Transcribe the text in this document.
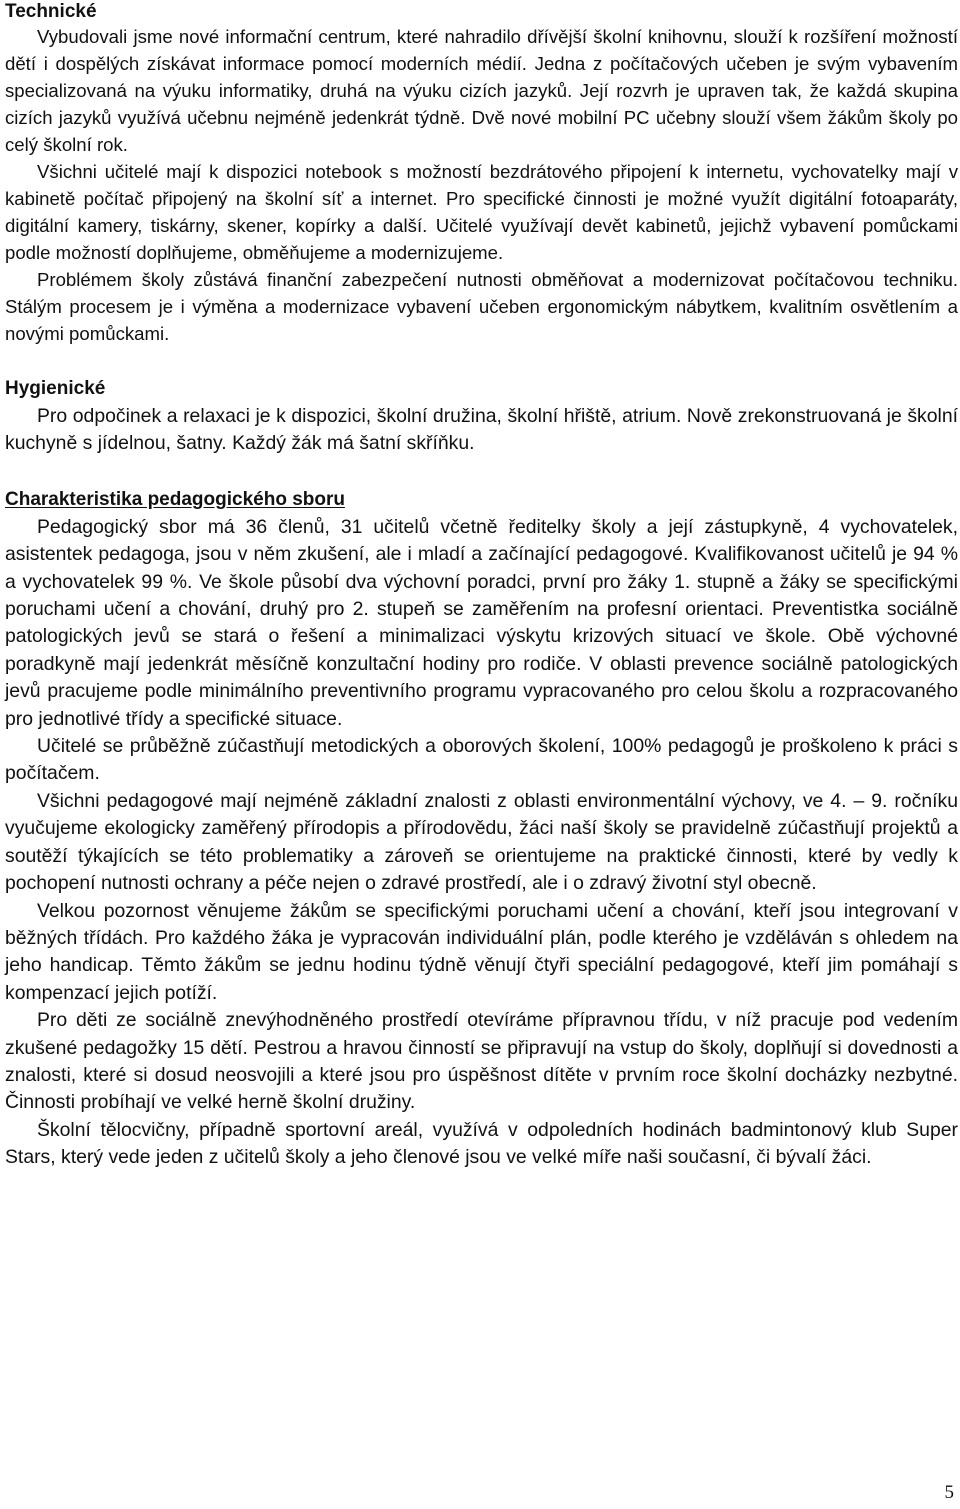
Technické

Vybudovali jsme nové informační centrum, které nahradilo dřívější školní knihovnu, slouží k rozšíření možností dětí i dospělých získávat informace pomocí moderních médií. Jedna z počítačových učeben je svým vybavením specializovaná na výuku informatiky, druhá na výuku cizích jazyků. Její rozvrh je upraven tak, že každá skupina cizích jazyků využívá učebnu nejméně jedenkrát týdně. Dvě nové mobilní PC učebny slouží všem žákům školy po celý školní rok.

Všichni učitelé mají k dispozici notebook s možností bezdrátového připojení k internetu, vychovatelky mají v kabinetě počítač připojený na školní síť a internet. Pro specifické činnosti je možné využít digitální fotoaparáty, digitální kamery, tiskárny, skener, kopírky a další. Učitelé využívají devět kabinetů, jejichž vybavení pomůckami podle možností doplňujeme, obměňujeme a modernizujeme.

Problémem školy zůstává finanční zabezpečení nutnosti obměňovat a modernizovat počítačovou techniku. Stálým procesem je i výměna a modernizace vybavení učeben ergonomickým nábytkem, kvalitním osvětlením a novými pomůckami.

Hygienické

Pro odpočinek a relaxaci je k dispozici, školní družina, školní hřiště, atrium. Nově zrekonstruovaná je školní kuchyně s jídelnou, šatny. Každý žák má šatní skříňku.

Charakteristika pedagogického sboru

Pedagogický sbor má 36 členů, 31 učitelů včetně ředitelky školy a její zástupkyně, 4 vychovatelek, asistentek pedagoga, jsou v něm zkušení, ale i mladí a začínající pedagogové. Kvalifikovanost učitelů je 94 % a vychovatelek 99 %. Ve škole působí dva výchovní poradci, první pro žáky 1. stupně a žáky se specifickými poruchami učení a chování, druhý pro 2. stupeň se zaměřením na profesní orientaci. Preventistka sociálně patologických jevů se stará o řešení a minimalizaci výskytu krizových situací ve škole. Obě výchovné poradkyně mají jedenkrát měsíčně konzultační hodiny pro rodiče. V oblasti prevence sociálně patologických jevů pracujeme podle minimálního preventivního programu vypracovaného pro celou školu a rozpracovaného pro jednotlivé třídy a specifické situace.

Učitelé se průběžně zúčastňují metodických a oborových školení, 100% pedagogů je proškoleno k práci s počítačem.

Všichni pedagogové mají nejméně základní znalosti z oblasti environmentální výchovy, ve 4. – 9. ročníku vyučujeme ekologicky zaměřený přírodopis a přírodovědu, žáci naší školy se pravidelně zúčastňují projektů a soutěží týkajících se této problematiky a zároveň se orientujeme na praktické činnosti, které by vedly k pochopení nutnosti ochrany a péče nejen o zdravé prostředí, ale i o zdravý životní styl obecně.

Velkou pozornost věnujeme žákům se specifickými poruchami učení a chování, kteří jsou integrovaní v běžných třídách. Pro každého žáka je vypracován individuální plán, podle kterého je vzděláván s ohledem na jeho handicap. Těmto žákům se jednu hodinu týdně věnují čtyři speciální pedagogové, kteří jim pomáhají s kompenzací jejich potíží.

Pro děti ze sociálně znevýhodněného prostředí otevíráme přípravnou třídu, v níž pracuje pod vedením zkušené pedagožky 15 dětí. Pestrou a hravou činností se připravují na vstup do školy, doplňují si dovednosti a znalosti, které si dosud neosvojili a které jsou pro úspěšnost dítěte v prvním roce školní docházky nezbytné. Činnosti probíhají ve velké herně školní družiny.

Školní tělocvičny, případně sportovní areál, využívá v odpoledních hodinách badmintonový klub Super Stars, který vede jeden z učitelů školy a jeho členové jsou ve velké míře naši současní, či bývalí žáci.

5
